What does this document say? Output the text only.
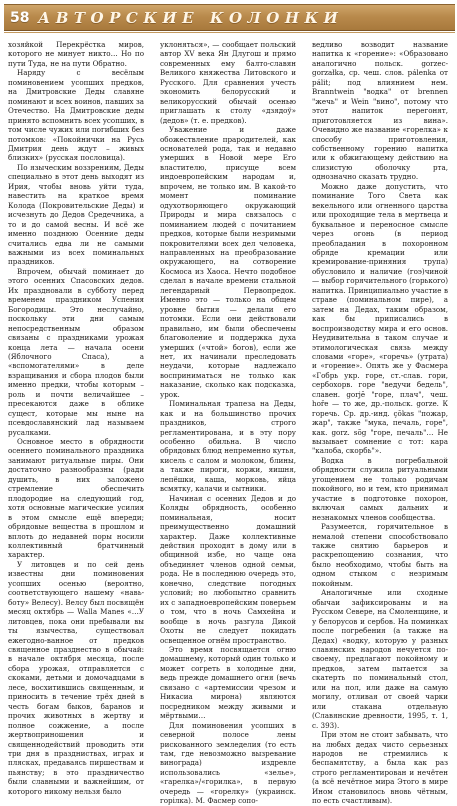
58 АВТОРСКИЕ КОЛОНКИ

хозяйкой Перекрёстка миров, которого не минует никто… Но по пути Туда, не на пути Обратно.

Наряду с весёлым поминовением усопших предков, на Дмитровские Деды славяне поминают и всех воинов, павших за Отечество. На Дмитровские деды принято вспомнить всех усопших, в том числе чужих или погибших без потомков: «Покойнички на Русь Дмитрия день ждут – живых близких» (русская пословица).

По языческим воззрениям, Деды специально в этот день выходят из Ирия, чтобы вновь уйти туда, навестить на краткое время Колода (Покровительские Деды) и исчезнуть до Дедов Средечника, а то и до самой весны. И всё же именно позднюю Осенние деды считались едва ли не самыми важными из всех поминальных праздников.

Впрочем, обычай поминает до этого осенних Спасовских дедов. Их праздновали в субботу перед временем праздником Успения Богородицы. Это неслучайно, поскольку эти дни самым непосредственным образом связаны с праздниками урожая конца лета — начала осени (Яблочного Спаса), а «вспомогателями» в деле взращивания и сбора плодов были именно предки, чтобы которым – роль и почти величайшее – пресекаются даже в облике сущест, которые мы ныне на псевдославянский лад называем русалками.

Основное место в обрядности осеннего поминального праздника занимают ритуальные пиры. Они достаточно разнообразны (ради душить, в них заложено стремление обеспечить плодородие на следующий год, хотя основные магические усилия в этом смысле ещё впереди; обрядовые вещества в прошлом и вплоть до недавней поры носили коллективный братчинный характер.

У литовцев и по сей день известны дни поминовения усопших осенью (вероятно, соответствующего нашему «навь-боту» Велесу). Велсу был посвящён месяц октябрь — Walla Manes «…У литовцев, пока они пребывали вы ты язычества, существовал ежегодно-ванное от предков священное празднество в обычай: в начале октября месяца, после сбора урожая, отправляется с скоками, детьми и домочадцами в лесе, восхитившись священным, и приносить в течение трёх дней в честь богам быков, баранов и прочих животных в жертву и полное сожжение, а после жертвоприношения и священнодействий проводить эти три дня в праздниствах, играх и плясках, предаваясь пиршествам и пьянству; в это праздничество были славными и важнейшим, от которого никому нельзя было

уклоняться», — сообщает польский автор XV века Ян Длугош и прямо современных ему балто-славян Великого княжества Литовского и Русского. Для сравнения учесть экономить белорусский и великорусский обычай осенью приглашать к столу «дзядоў» (дедов» (т. е. предков).

Уважение и даже обожествление прародителей, как основателей рода, так и недавно умерших в Новой мере Его властителю, присуще всем индоевропейским народам и, впрочем, не только им. В какой-то момент поминание одухотворяющего окружающий Природы и мира связалось с поминанием людей с почитанием предков, которые были незримыми покровителями всех дел человека, направленных на преобразование окружающего, на сотворение Космоса из Хаоса. Нечто подобное сделал в начале времени стальной легендарный Первопредок. Именно это — только на общем уровне бытия — делали его потомки. Если они действовали правильно, им были обеспечены благоволение и поддержка духа умерших («чтой» богов), если же нет, их начинали преследовать неудачи, которые надлежало восприниматься не только как наказание, сколько как подсказка, урок.

Поминальная трапеза на Деды, как и на большинство прочих праздников, строго регламентирована, и в эту пору особенно обильна. В число обрядовых блюд непременно кутья, кисель с салом и молоком, блины, а также пироги, коржи, яишня, лепёшки, каша, морковь, яйца всмятку, калачи и сытники.

Начиная с осенних Дедов и до Коляды обрядность, особенно поминальная, носит преимущественно домашний характер. Даже коллективные действия проходят в дому или в общинной избе, но чаще она объединяет членов одной семьи, рода. Не в последнюю очередь это, конечно, следствие погодных условий; но любопытно сравнить их с западноевропейским поверьем о том, что в ночь Самхейна и вообще в ночь разгула Дикой Охоты не следует покидать освещенное огнём пространство.

Это время посвящается огню домашнему, который один только и может согреть в холодные дни, ведь прежде домашнего огня (вечь связано с «артемиссии чрезом и Никасиа мирона) являются посредником между живыми и мёртвыми…

Для поминовения усопших в северной полосе лены рискованного земледелия (то есть там, где невозможно вызревание винограда) издревле использовались «зелье», «гарелка»/«горилка», в первую очередь — «горелку» (украинск. горілка). М. Фасмер сопо-

ведливо возводит название напитка к «горение»: «Образовано аналогично польск. gorzec-gorzałka, ср. чеш. слов. pálenka от pálit; под влиянием нем. Branntwein "водка" от brennen "жечь" и Wein "вино", потому что этот напиток перегонят, приготовляется из вина». Очевидно же название «горелка» к способу приготовления, собственному горению напитка или к обжигающему действию на слизистую оболочку рта, однозначно сказать трудно.

Можно даже допустить, что поминание Того Света как векельного или огненного царства или проходящие тела в мертвеца и буквальное и переносное смысле через огонь (в период преобладания в похоронном обряде кремации или кремирование-приняния трупа) обусловило и наличие (гоэ)чиной — выбор горячительного (горького) напитка. Принципиально участие в страве (поминальном пире), а затем на Дедах, таким образом, как бы приписались в воспроизводству мира и его основ. Неудивительна в таком случае и этимологическая связь между словами «горе», «горечь» (утрата) и «горение». Опять же у Фасмера «Гобрь укр. горе, ст.-слав. гори, сербохорв. горе "ведучи бедель", славен. gorjē "горе, плач", чеш. hoře — то же, др.-польск. gorze. К горечь. Ср. др.-инд. çōkas "пожар, жар", также "мука, печаль, горе", как. gorz. sõg "горе, печаль"… Не вызывает сомнение с тот: кара "калоба, скорбь"».

Водка в погребальной обрядности служила ритуальными угощением не только родичам покойного, но и тем, кто принимал участие в подготовке похорон, включая самых дальних и незнакомых членов сообщества.

Разумеется, горячительное в немалой степени способствовало также снятию барьеров и раскрепощению сознания, что было необходимо, чтобы быть на одном стыком с незримым покойным.

Аналогичные или сходные обычаи зафиксированы и на Русском Севере, на Смоленщине, и у белорусов и сербов. На поминках после погребения (а также на Дедах) «водку, которую у разных славянских народов нечуется по-своему, предлагают покойному и предков, затем пытается за скатерть по поминальный стол, или на пол, или даже на самую могилу, отливая от своей чарки или стакана отдельную (Славянские древности, 1995, т. 1, с. 393).

При этом не стоит забывать, что на любых дедах чисто серьезных народов не стремились к беспамятству, а была как раз строго регламентирован и нечётен (а всё нечётное мира Этого в мире Ином становилось вновь чётным, по есть счастливым).
